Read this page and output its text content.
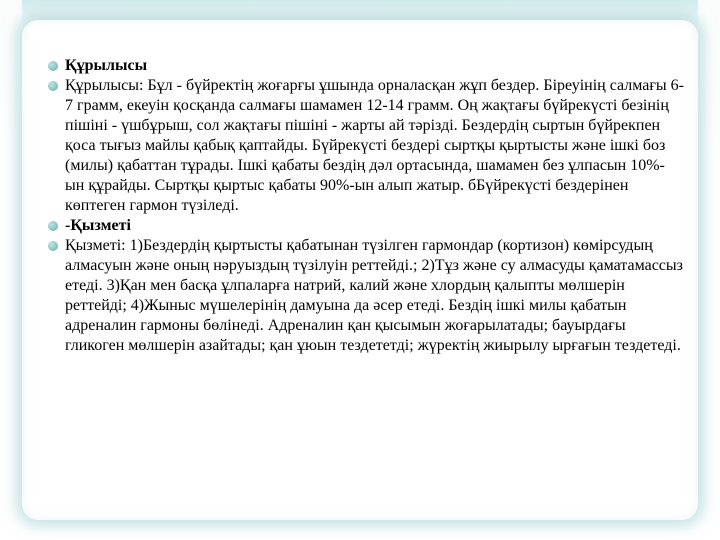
Құрылысы
Құрылысы: Бұл - бүйректің жоғарғы ұшында орналасқан жұп бездер. Біреуінің салмағы 6-7 грамм, екеуін қосқанда салмағы шамамен 12-14 грамм. Оң жақтағы бүйрекүсті безінің пішіні - үшбұрыш, сол жақтағы пішіні - жарты ай тәрізді. Бездердің сыртын бүйрекпен қоса тығыз майлы қабық қаптайды. Бүйрекүсті бездері сыртқы қыртысты және ішкі боз (милы) қабаттан тұрады. Ішкі қабаты бездің дәл ортасында, шамамен без ұлпасын 10%-ын құрайды. Сыртқы қыртыс қабаты 90%-ын алып жатыр. бБүйрекүсті бездерінен көптеген гармон түзіледі.
-Қызметі
Қызметі: 1)Бездердің қыртысты қабатынан түзілген гармондар (кортизон) көмірсудың алмасуын және оның нәруыздың түзілуін реттейді.; 2)Тұз және су алмасуды қаматамассыз етеді. 3)Қан мен басқа ұлпаларға натрий, калий және хлордың қалыпты мөлшерін реттейді; 4)Жыныс мүшелерінің дамуына да әсер етеді. Бездің ішкі милы қабатын адреналин гармоны бөлінеді. Адреналин қан қысымын жоғарылатады; бауырдағы гликоген мөлшерін азайтады; қан ұюын тездететді; жүректің жиырылу ырғағын тездетеді.
